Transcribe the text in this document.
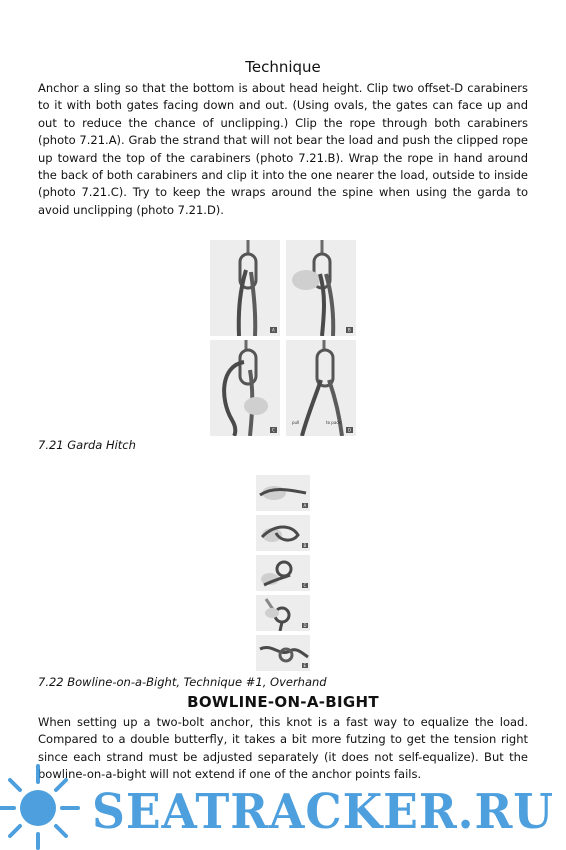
Technique
Anchor a sling so that the bottom is about head height. Clip two offset-D carabiners to it with both gates facing down and out. (Using ovals, the gates can face up and out to reduce the chance of unclipping.) Clip the rope through both carabiners (photo 7.21.A). Grab the strand that will not bear the load and push the clipped rope up toward the top of the carabiners (photo 7.21.B). Wrap the rope in hand around the back of both carabiners and clip it into the one nearer the load, outside to inside (photo 7.21.C). Try to keep the wraps around the spine when using the garda to avoid unclipping (photo 7.21.D).
A	B
C
pull	to pack
D
7.21 Garda Hitch
A
B
C
D
E
7.22 Bowline-on-a-Bight, Technique #1, Overhand
BOWLINE-ON-A-BIGHT
When setting up a two-bolt anchor, this knot is a fast way to equalize the load. Compared to a double butterfly, it takes a bit more futzing to get the tension right since each strand must be adjusted separately (it does not self-equalize). But the bowline-on-a-bight will not extend if one of the anchor points fails.
SEATRACKER.RU
